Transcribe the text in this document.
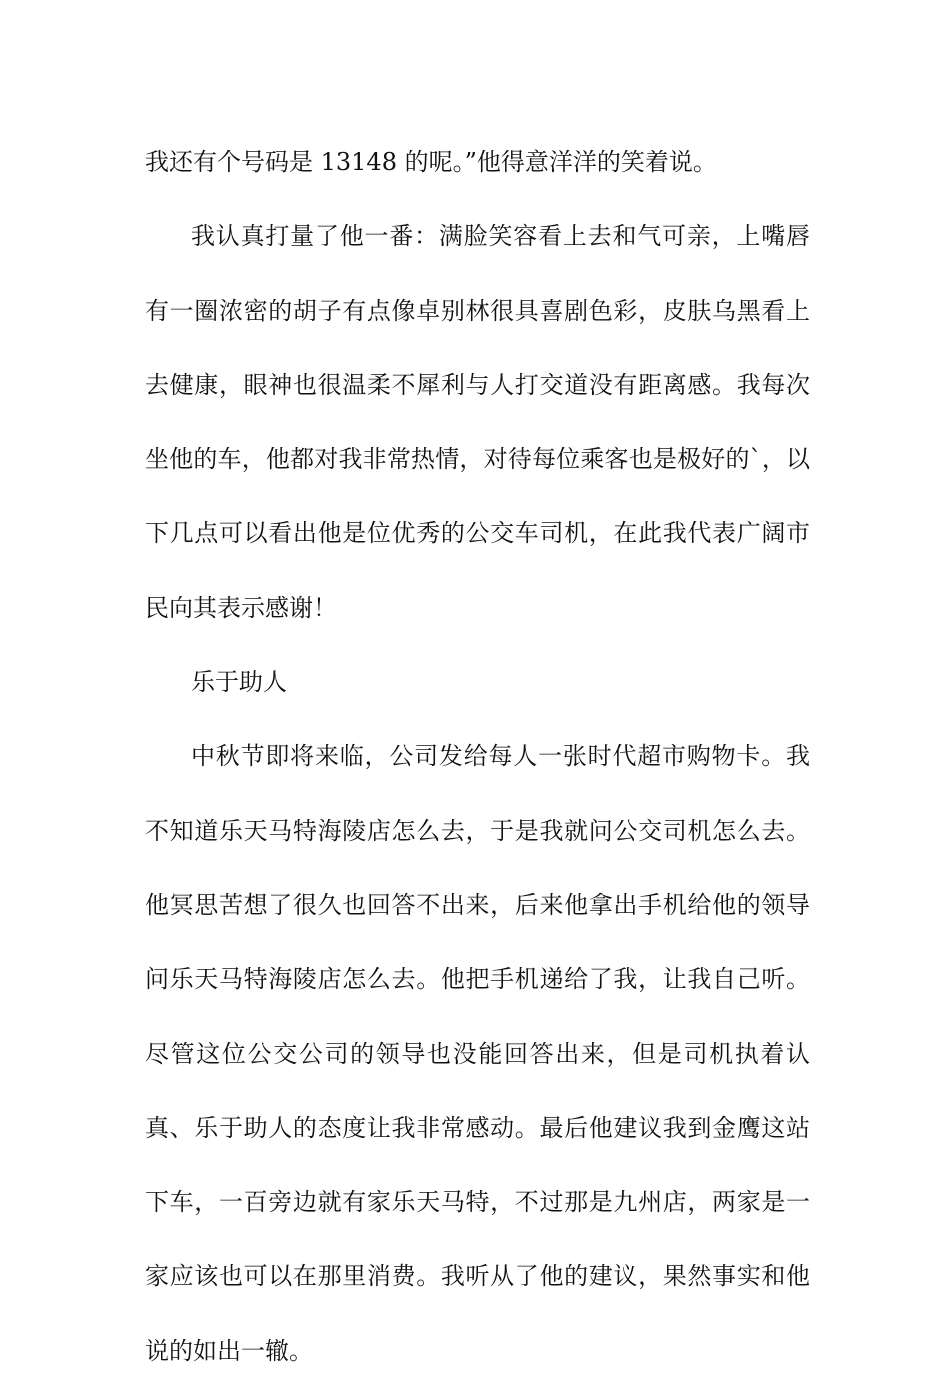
我还有个号码是 13148 的呢。”他得意洋洋的笑着说。

我认真打量了他一番：满脸笑容看上去和气可亲，上嘴唇有一圈浓密的胡子有点像卓别林很具喜剧色彩，皮肤乌黑看上去健康，眼神也很温柔不犀利与人打交道没有距离感。我每次坐他的车，他都对我非常热情，对待每位乘客也是极好的`，以下几点可以看出他是位优秀的公交车司机，在此我代表广阔市民向其表示感谢！

乐于助人

中秋节即将来临，公司发给每人一张时代超市购物卡。我不知道乐天马特海陵店怎么去，于是我就问公交司机怎么去。他冥思苦想了很久也回答不出来，后来他拿出手机给他的领导问乐天马特海陵店怎么去。他把手机递给了我，让我自己听。尽管这位公交公司的领导也没能回答出来，但是司机执着认真、乐于助人的态度让我非常感动。最后他建议我到金鹰这站下车，一百旁边就有家乐天马特，不过那是九州店，两家是一家应该也可以在那里消费。我听从了他的建议，果然事实和他说的如出一辙。
